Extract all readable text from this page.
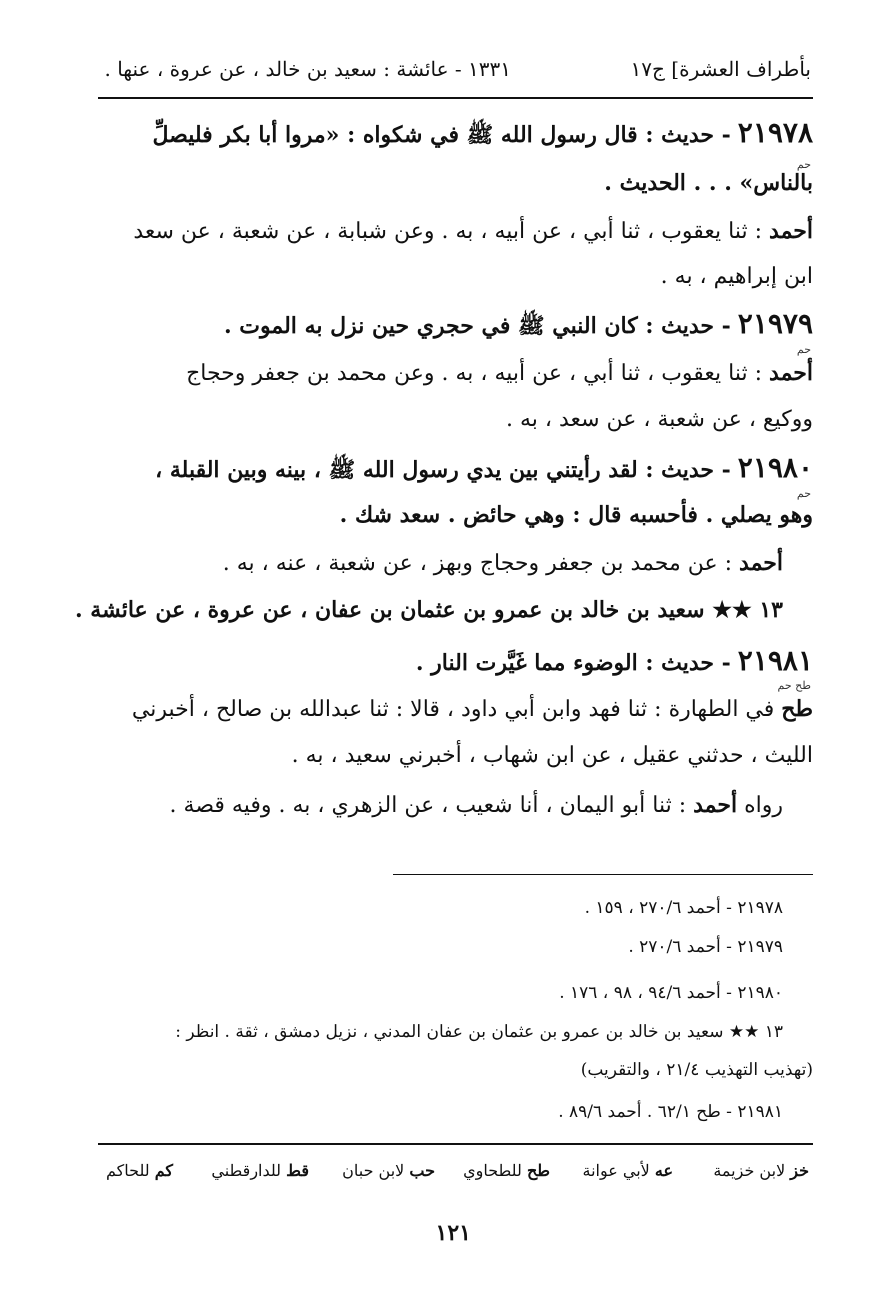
بأطراف العشرة] ج١٧
١٣٣١ - عائشة : سعيد بن خالد ، عن عروة ، عنها .
٢١٩٧٨ - حديث : قال رسول الله ﷺ في شكواه : «مروا أبا بكر فليصلِّ
حم
بالناس» . . . الحديث .
أحمد : ثنا يعقوب ، ثنا أبي ، عن أبيه ، به . وعن شبابة ، عن شعبة ، عن سعد
ابن إبراهيم ، به .
٢١٩٧٩ - حديث : كان النبي ﷺ في حجري حين نزل به الموت .
حم
أحمد : ثنا يعقوب ، ثنا أبي ، عن أبيه ، به . وعن محمد بن جعفر وحجاج
ووكيع ، عن شعبة ، عن سعد ، به .
٢١٩٨٠ - حديث : لقد رأيتني بين يدي رسول الله ﷺ ، بينه وبين القبلة ،
حم
وهو يصلي . فأحسبه قال : وهي حائض . سعد شك .
أحمد : عن محمد بن جعفر وحجاج وبهز ، عن شعبة ، عنه ، به .
١٣ ★★ سعيد بن خالد بن عمرو بن عثمان بن عفان ، عن عروة ، عن عائشة .
٢١٩٨١ - حديث : الوضوء مما غَيَّرت النار .
طح حم
طح في الطهارة : ثنا فهد وابن أبي داود ، قالا : ثنا عبدالله بن صالح ، أخبرني
الليث ، حدثني عقيل ، عن ابن شهاب ، أخبرني سعيد ، به .
رواه أحمد : ثنا أبو اليمان ، أنا شعيب ، عن الزهري ، به . وفيه قصة .
٢١٩٧٨ - أحمد ٢٧٠/٦ ، ١٥٩ .
٢١٩٧٩ - أحمد ٢٧٠/٦ .
٢١٩٨٠ - أحمد ٩٤/٦ ، ٩٨ ، ١٧٦ .
١٣ ★★ سعيد بن خالد بن عمرو بن عثمان بن عفان المدني ، نزيل دمشق ، ثقة . انظر :
(تهذيب التهذيب ٢١/٤ ، والتقريب)
٢١٩٨١ - طح ٦٢/١ . أحمد ٨٩/٦ .
خز لابن خزيمة
عه لأبي عوانة
طح للطحاوي
حب لابن حبان
قط للدارقطني
كم للحاكم
١٢١
